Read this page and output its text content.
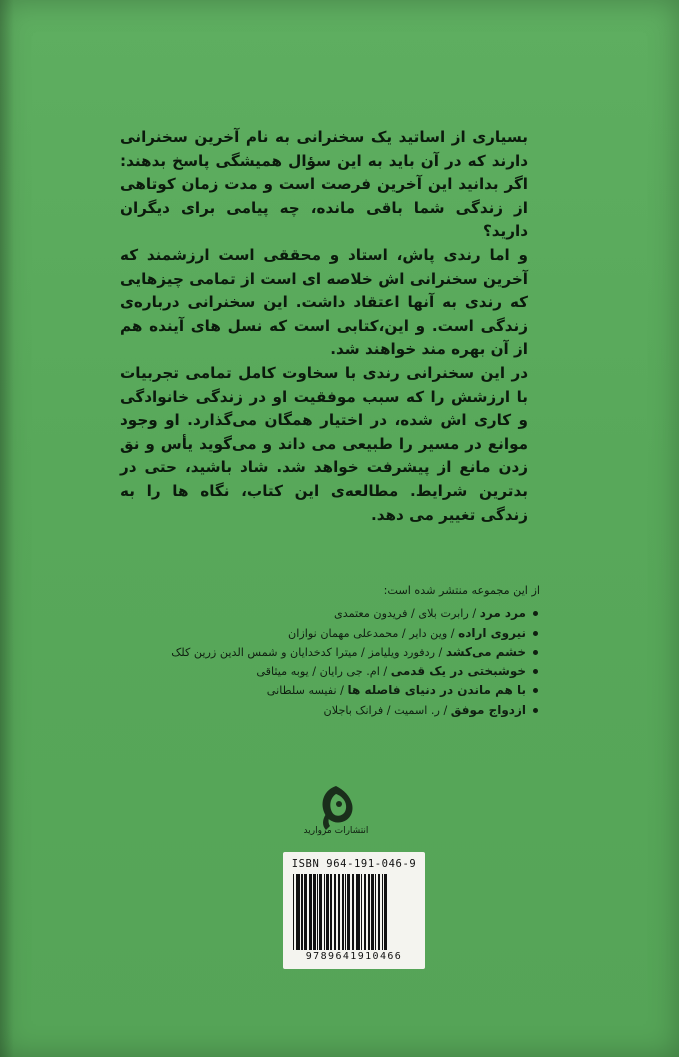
بسیاری از اساتید یک سخنرانی به نام آخرین سخنرانی دارند که در آن باید به این سؤال همیشگی پاسخ بدهند: اگر بدانید این آخرین فرصت است و مدت زمان کوتاهی از زندگی شما باقی مانده، چه پیامی برای دیگران دارید؟

و اما رندی پاش، استاد و محققی است ارزشمند که آخرین سخنرانی اش خلاصه ای است از تمامی چیزهایی که رندی به آنها اعتقاد داشت. این سخنرانی درباره‌ی زندگی است. و این،کتابی است که نسل های آینده هم از آن بهره مند خواهند شد.

در این سخنرانی رندی با سخاوت کامل تمامی تجربیات با ارزشش را که سبب موفقیت او در زندگی خانوادگی و کاری اش شده، در اختیار همگان می‌گذارد. او وجود موانع در مسیر را طبیعی می داند و می‌گوید یأس و نق زدن مانع از پیشرفت خواهد شد. شاد باشید، حتی در بدترین شرایط. مطالعه‌ی این کتاب، نگاه ها را به زندگی تغییر می دهد.

از این مجموعه منتشر شده است:

مرد مرد / رابرت بلای / فریدون معتمدی
نیروی اراده / وین دایر / محمدعلی مهمان نوازان
خشم می‌کشد / ردفورد ویلیامز / میترا کدخدایان و شمس الدین زرین کلک
خوشبختی در یک قدمی / ام. جی رایان / یوبه میثاقی
با هم ماندن در دنیای فاصله ها / نفیسه سلطانی
ازدواج موفق / ر. اسمیت / فرانک باجلان
انتشارات مروارید
ISBN 964-191-046-9
9789641910466
